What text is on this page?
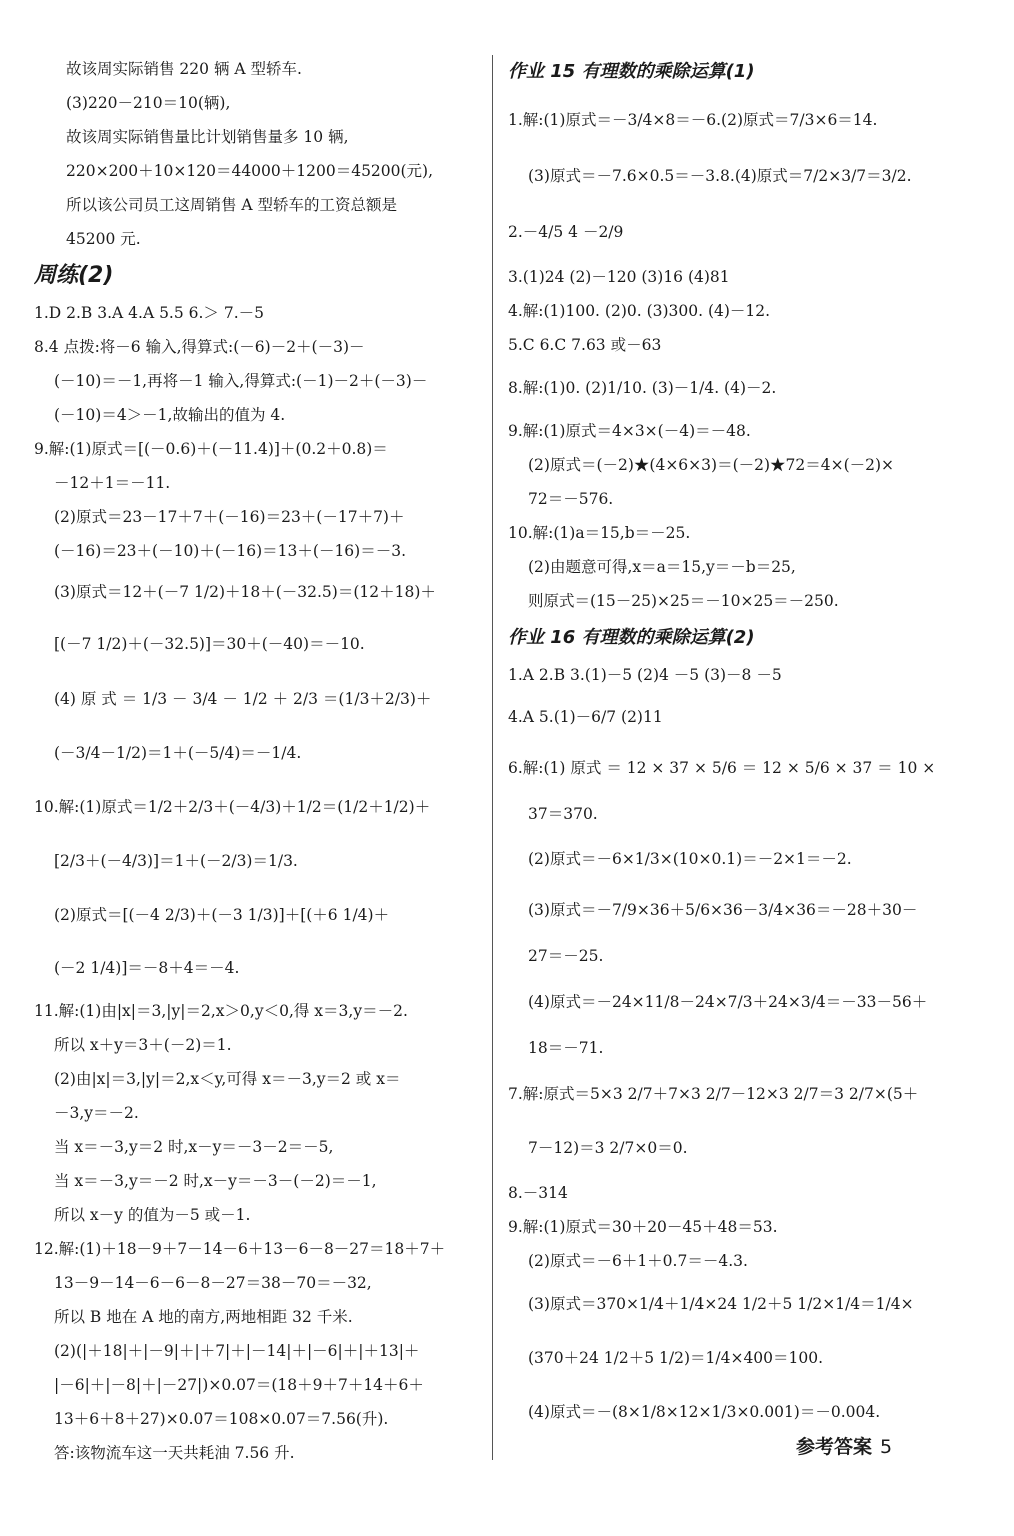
故该周实际销售 220 辆 A 型轿车.
(3)220－210＝10(辆),
故该周实际销售量比计划销售量多 10 辆,
220×200＋10×120＝44000＋1200＝45200(元),
所以该公司员工这周销售 A 型轿车的工资总额是
45200 元.
周练(2)
1.D 2.B 3.A 4.A 5.5 6.＞ 7.－5
8.4 点拨:将－6 输入,得算式:(－6)－2＋(－3)－
(－10)＝－1,再将－1 输入,得算式:(－1)－2＋(－3)－
(－10)＝4＞－1,故输出的值为 4.
9.解:(1)原式＝[(－0.6)＋(－11.4)]＋(0.2＋0.8)＝
－12＋1＝－11.
(2)原式＝23－17＋7＋(－16)＝23＋(－17＋7)＋
(－16)＝23＋(－10)＋(－16)＝13＋(－16)＝－3.
(3)原式＝12＋(－7 1/2)＋18＋(－32.5)＝(12＋18)＋
[(－7 1/2)＋(－32.5)]＝30＋(－40)＝－10.
(4) 原 式 ＝ 1/3 － 3/4 － 1/2 ＋ 2/3 ＝(1/3＋2/3)＋
(－3/4－1/2)＝1＋(－5/4)＝－1/4.
10.解:(1)原式＝1/2＋2/3＋(－4/3)＋1/2＝(1/2＋1/2)＋
[2/3＋(－4/3)]＝1＋(－2/3)＝1/3.
(2)原式＝[(－4 2/3)＋(－3 1/3)]＋[(＋6 1/4)＋
(－2 1/4)]＝－8＋4＝－4.
11.解:(1)由|x|＝3,|y|＝2,x＞0,y＜0,得 x＝3,y＝－2.
所以 x＋y＝3＋(－2)＝1.
(2)由|x|＝3,|y|＝2,x＜y,可得 x＝－3,y＝2 或 x＝
－3,y＝－2.
当 x＝－3,y＝2 时,x－y＝－3－2＝－5,
当 x＝－3,y＝－2 时,x－y＝－3－(－2)＝－1,
所以 x－y 的值为－5 或－1.
12.解:(1)＋18－9＋7－14－6＋13－6－8－27＝18＋7＋
13－9－14－6－6－8－27＝38－70＝－32,
所以 B 地在 A 地的南方,两地相距 32 千米.
(2)(|＋18|＋|－9|＋|＋7|＋|－14|＋|－6|＋|＋13|＋
|－6|＋|－8|＋|－27|)×0.07＝(18＋9＋7＋14＋6＋
13＋6＋8＋27)×0.07＝108×0.07＝7.56(升).
答:该物流车这一天共耗油 7.56 升.
作业 15 有理数的乘除运算(1)
1.解:(1)原式＝－3/4×8＝－6.(2)原式＝7/3×6＝14.
(3)原式＝－7.6×0.5＝－3.8.(4)原式＝7/2×3/7＝3/2.
2.－4/5 4 －2/9
3.(1)24 (2)－120 (3)16 (4)81
4.解:(1)100. (2)0. (3)300. (4)－12.
5.C 6.C 7.63 或－63
8.解:(1)0. (2)1/10. (3)－1/4. (4)－2.
9.解:(1)原式＝4×3×(－4)＝－48.
(2)原式＝(－2)★(4×6×3)＝(－2)★72＝4×(－2)×
72＝－576.
10.解:(1)a＝15,b＝－25.
(2)由题意可得,x＝a＝15,y＝－b＝25,
则原式＝(15－25)×25＝－10×25＝－250.
作业 16 有理数的乘除运算(2)
1.A 2.B 3.(1)－5 (2)4 －5 (3)－8 －5
4.A 5.(1)－6/7 (2)11
6.解:(1) 原式 ＝ 12 × 37 × 5/6 ＝ 12 × 5/6 × 37 ＝ 10 ×
37＝370.
(2)原式＝－6×1/3×(10×0.1)＝－2×1＝－2.
(3)原式＝－7/9×36＋5/6×36－3/4×36＝－28＋30－
27＝－25.
(4)原式＝－24×11/8－24×7/3＋24×3/4＝－33－56＋
18＝－71.
7.解:原式＝5×3 2/7＋7×3 2/7－12×3 2/7＝3 2/7×(5＋
7－12)＝3 2/7×0＝0.
8.－314
9.解:(1)原式＝30＋20－45＋48＝53.
(2)原式＝－6＋1＋0.7＝－4.3.
(3)原式＝370×1/4＋1/4×24 1/2＋5 1/2×1/4＝1/4×
(370＋24 1/2＋5 1/2)＝1/4×400＝100.
(4)原式＝－(8×1/8×12×1/3×0.001)＝－0.004.
参考答案 5
